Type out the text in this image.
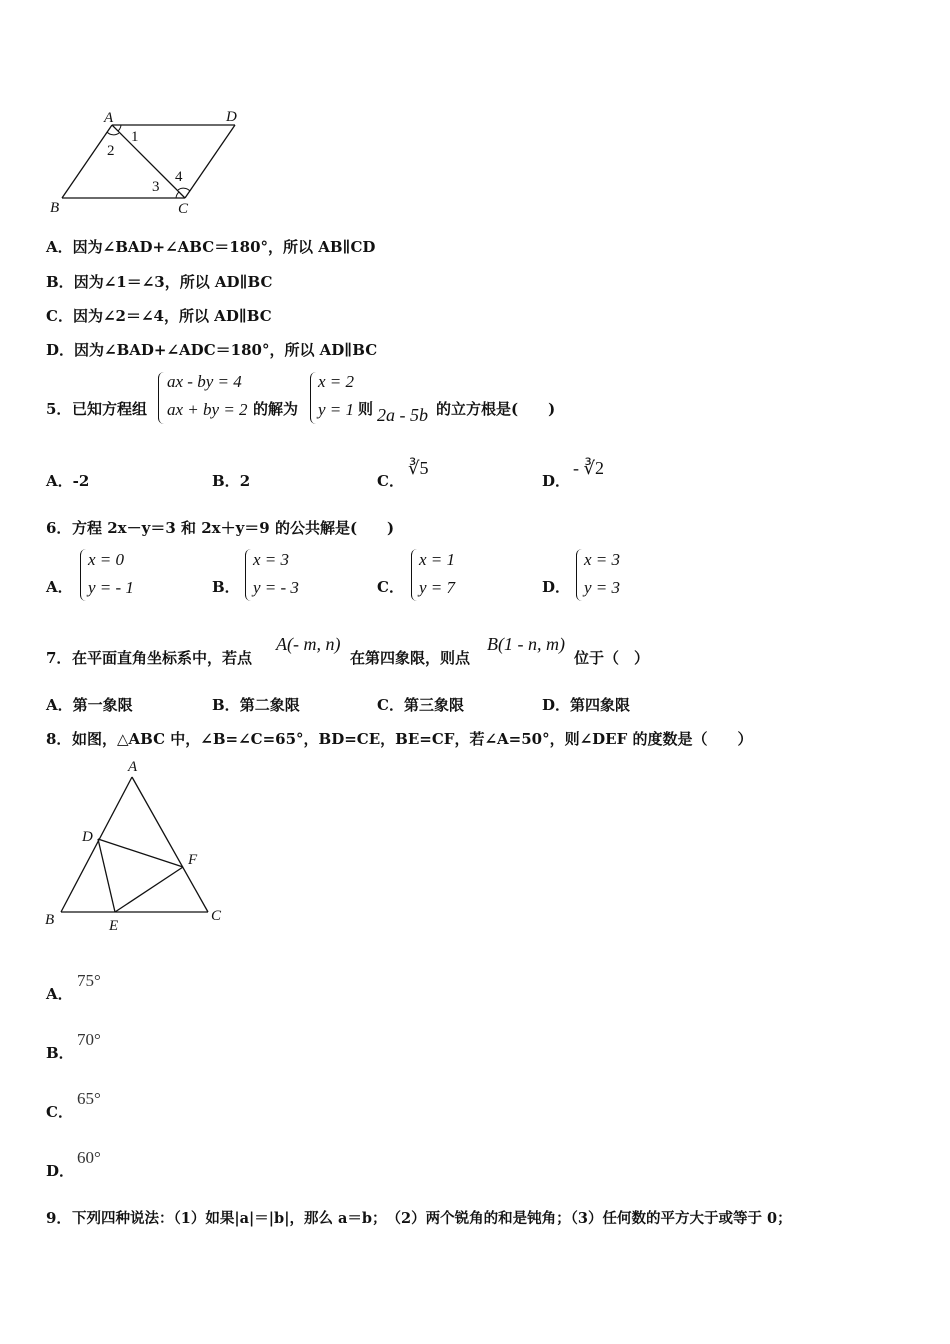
A	D
B	C
1
2
3
4
A．因为∠BAD+∠ABC＝180°，所以 AB∥CD
B．因为∠1＝∠3，所以 AD∥BC
C．因为∠2＝∠4，所以 AD∥BC
D．因为∠BAD+∠ADC＝180°，所以 AD∥BC
5． 已知方程组
ax - by = 4
ax + by = 2 的解为
x = 2
y = 1 则 2a - 5b 的立方根是(　　)
A．-2	B．2	C．
∛5
D．
- ∛2
6． 方程 2x－y＝3 和 2x＋y＝9 的公共解是(　　)
A．
x = 0
y = - 1	B．
x = 3
y = - 3	C．
x = 1
y = 7	D．
x = 3
y = 3
7． 在平面直角坐标系中，若点
A(- m, n)
在第四象限，则点
B(1 - n, m)
位于（　）
A．第一象限	B．第二象限	C．第三象限	D．第四象限
8． 如图，△ABC 中，∠B=∠C=65°，BD=CE，BE=CF，若∠A=50°，则∠DEF 的度数是（　　）
A
B	C
D
E
F
A．
75°
B．
70°
C．
65°
D．
60°
9． 下列四种说法：（1）如果|a|＝|b|，那么 a＝b；　（2）两个锐角的和是钝角；（3）任何数的平方大于或等于 0；
